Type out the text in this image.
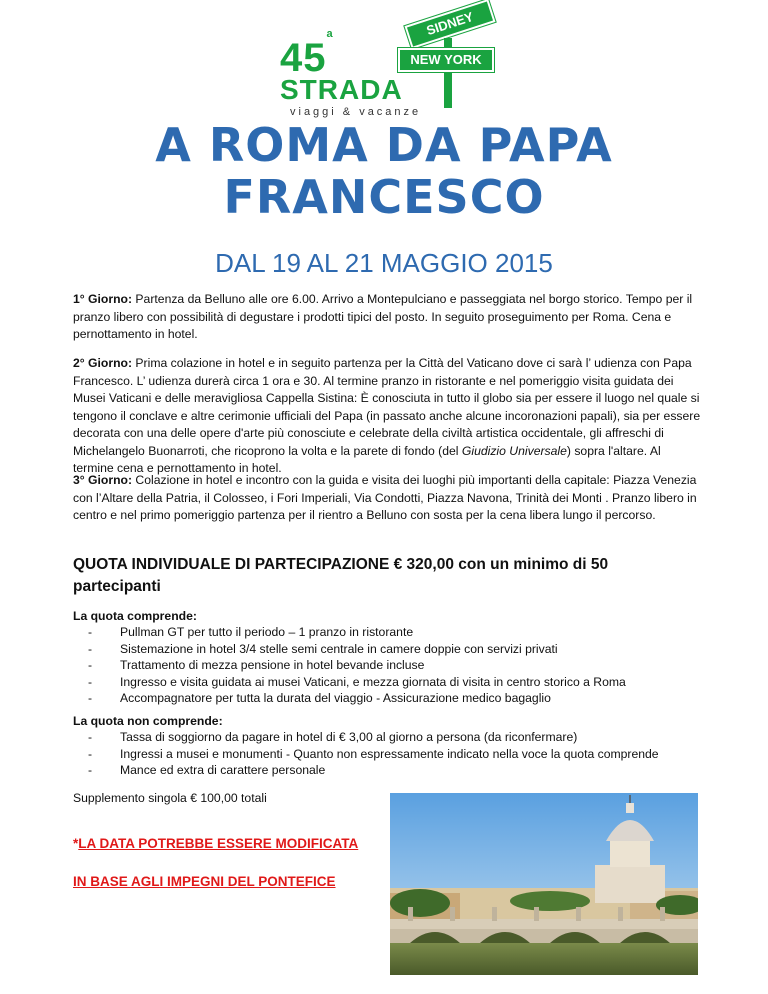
SIDNEY
NEW YORK
45$^a$
STRADA
viaggi & vacanze
A ROMA DA PAPA
FRANCESCO
DAL 19 AL 21 MAGGIO 2015

1° Giorno: Partenza da Belluno alle ore 6.00. Arrivo a Montepulciano e passeggiata nel borgo storico. Tempo per il pranzo libero con possibilità di degustare i prodotti tipici del posto. In seguito proseguimento per Roma. Cena e pernottamento in hotel.

2° Giorno: Prima colazione in hotel e in seguito partenza per la Città del Vaticano dove ci sarà l’ udienza con Papa Francesco. L’ udienza durerà circa 1 ora e 30. Al termine pranzo in ristorante e nel pomeriggio visita guidata dei Musei Vaticani e delle meravigliosa Cappella Sistina: È conosciuta in tutto il globo sia per essere il luogo nel quale si tengono il conclave e altre cerimonie ufficiali del Papa (in passato anche alcune incoronazioni papali), sia per essere decorata con una delle opere d'arte più conosciute e celebrate della civiltà artistica occidentale, gli affreschi di Michelangelo Buonarroti, che ricoprono la volta e la parete di fondo (del Giudizio Universale) sopra l'altare. Al termine cena e pernottamento in hotel.

3° Giorno: Colazione in hotel e incontro con la guida e visita dei luoghi più importanti della capitale: Piazza Venezia con l’Altare della Patria, il Colosseo, i Fori Imperiali, Via Condotti, Piazza Navona, Trinità dei Monti . Pranzo libero in centro e nel primo pomeriggio partenza per il rientro a Belluno con sosta per la cena libera lungo il percorso.

QUOTA INDIVIDUALE DI PARTECIPAZIONE € 320,00 con un minimo di 50 partecipanti
La quota comprende:
- Pullman GT per tutto il periodo – 1 pranzo in ristorante
- Sistemazione in hotel 3/4 stelle semi centrale in camere doppie con servizi privati
- Trattamento di mezza pensione in hotel bevande incluse
- Ingresso e visita guidata ai musei Vaticani, e mezza giornata di visita in centro storico a Roma
- Accompagnatore per tutta la durata del viaggio - Assicurazione medico bagaglio
La quota non comprende:
- Tassa di soggiorno da pagare in hotel di € 3,00 al giorno a persona (da riconfermare)
- Ingressi a musei e monumenti - Quanto non espressamente indicato nella voce la quota comprende
- Mance ed extra di carattere personale
Supplemento singola € 100,00 totali
*LA DATA POTREBBE ESSERE MODIFICATA
IN BASE AGLI IMPEGNI DEL PONTEFICE
